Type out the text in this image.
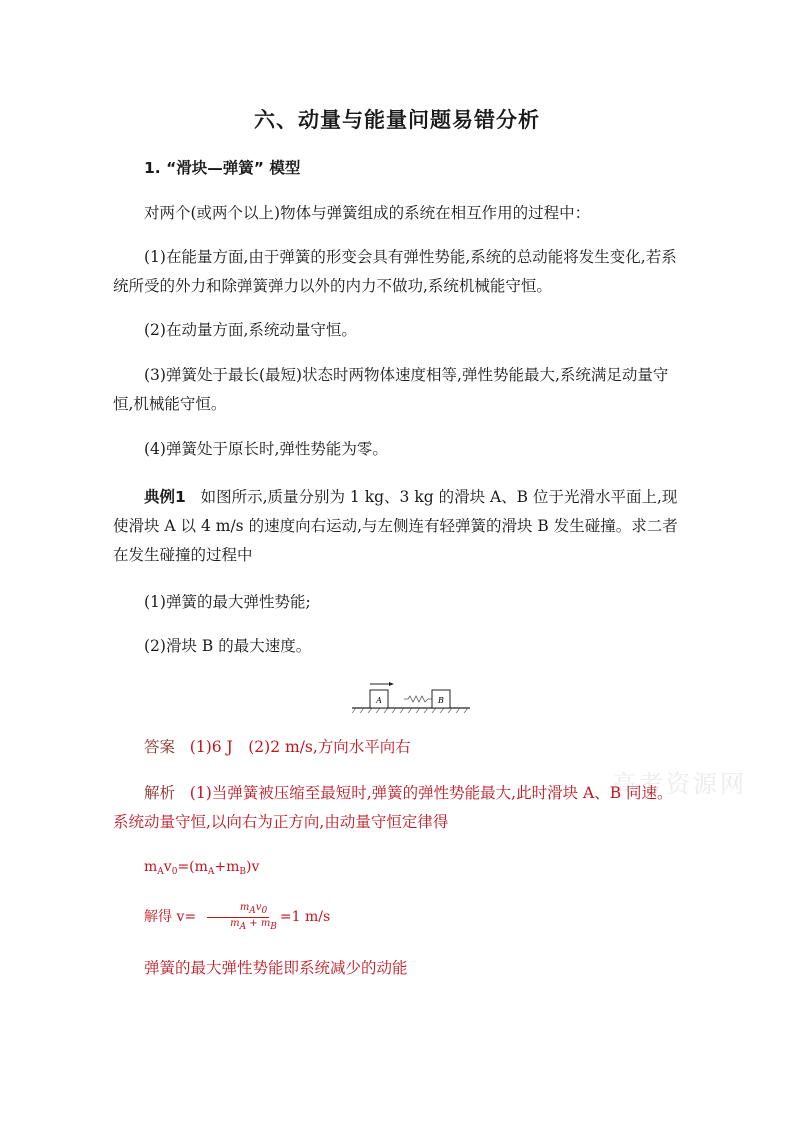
六、动量与能量问题易错分析
1. “滑块—弹簧” 模型
对两个(或两个以上)物体与弹簧组成的系统在相互作用的过程中：
(1)在能量方面,由于弹簧的形变会具有弹性势能,系统的总动能将发生变化,若系统所受的外力和除弹簧弹力以外的内力不做功,系统机械能守恒。
(2)在动量方面,系统动量守恒。
(3)弹簧处于最长(最短)状态时两物体速度相等,弹性势能最大,系统满足动量守恒,机械能守恒。
(4)弹簧处于原长时,弹性势能为零。
典例1 如图所示,质量分别为 1 kg、3 kg 的滑块 A、B 位于光滑水平面上,现使滑块 A 以 4 m/s 的速度向右运动,与左侧连有轻弹簧的滑块 B 发生碰撞。求二者在发生碰撞的过程中
(1)弹簧的最大弹性势能;
(2)滑块 B 的最大速度。
A	B
答案 (1)6 J　(2)2 m/s,方向水平向右
高考资源网
解析 (1)当弹簧被压缩至最短时,弹簧的弹性势能最大,此时滑块 A、B 同速。系统动量守恒,以向右为正方向,由动量守恒定律得
$m_Av_0=(m_A+m_B)v$
解得 $v= \frac{\text{mAv0}}{mA + mB} =1$ m/s
弹簧的最大弹性势能即系统减少的动能
